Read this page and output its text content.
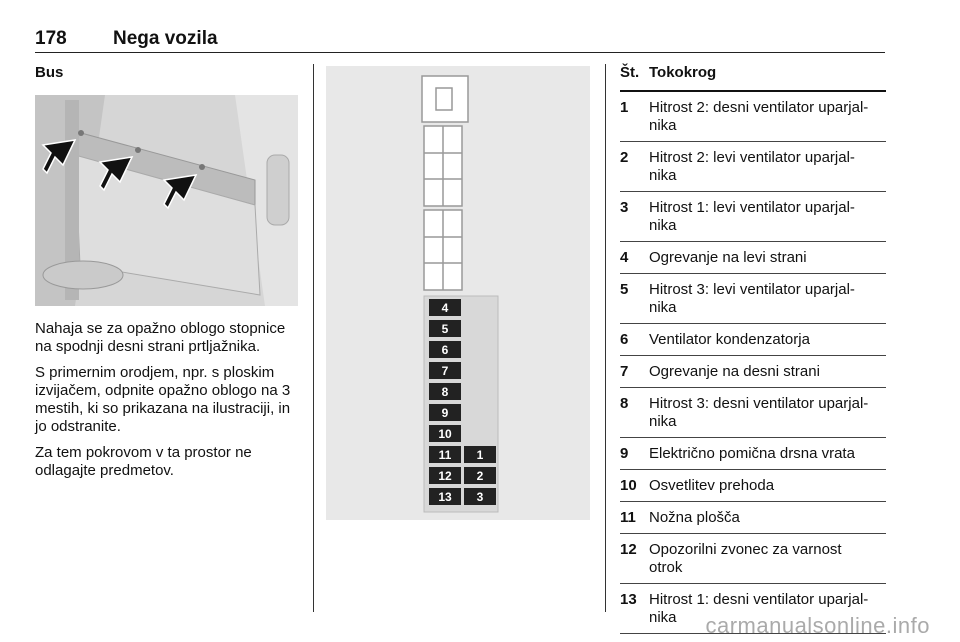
178 Nega vozila
Bus

Nahaja se za opažno oblogo stopnice na spodnji desni strani prtljažnika.

S primernim orodjem, npr. s ploskim izvijačem, odpnite opažno oblogo na 3 mestih, ki so prikazana na ilustraciji, in jo odstranite.

Za tem pokrovom v ta prostor ne odlagajte predmetov.

4
5
6
7
8
9
10
11
12
13
1
2
3
Št. Tokokrog
1	Hitrost 2: desni ventilator uparjal-
nika
2	Hitrost 2: levi ventilator uparjal-
nika
3	Hitrost 1: levi ventilator uparjal-
nika
4	Ogrevanje na levi strani
5	Hitrost 3: levi ventilator uparjal-
nika
6	Ventilator kondenzatorja
7	Ogrevanje na desni strani
8	Hitrost 3: desni ventilator uparjal-
nika
9	Električno pomična drsna vrata
10 Osvetlitev prehoda
11 Nožna plošča
12 Opozorilni zvonec za varnost
otrok
13 Hitrost 1: desni ventilator uparjal-
nika	carmanualsonline.info
